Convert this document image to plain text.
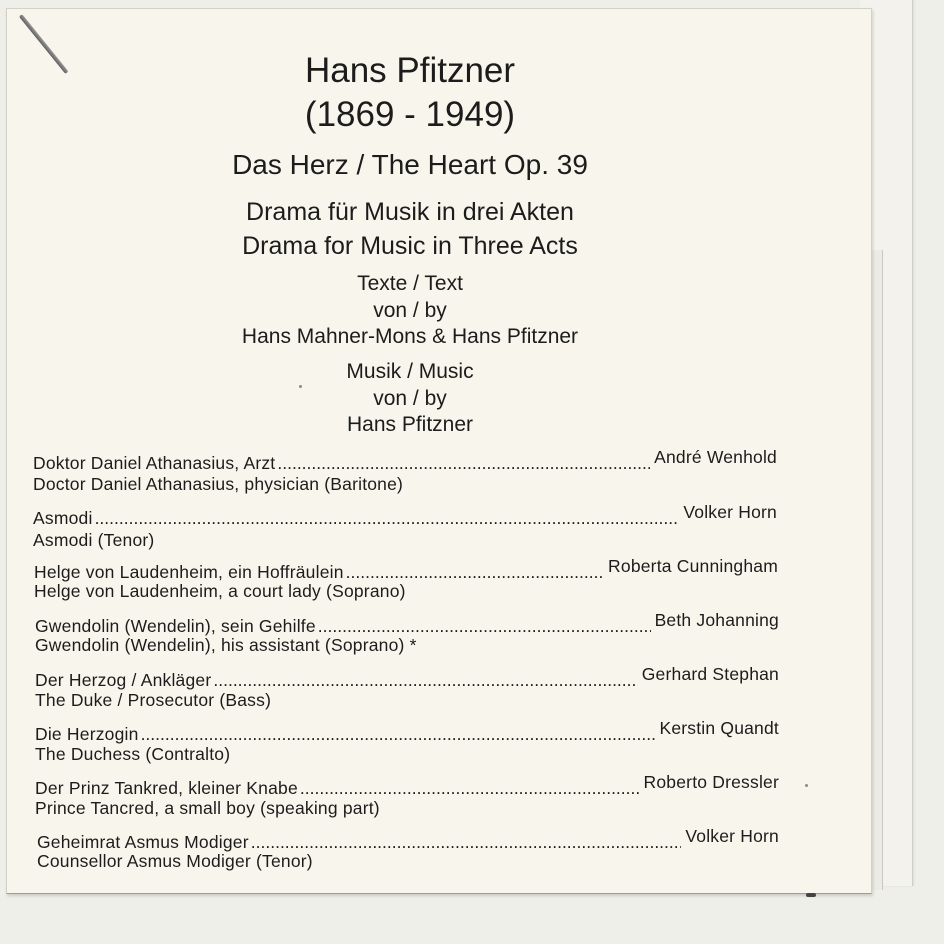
Hans Pfitzner
(1869 - 1949)
Das Herz / The Heart Op. 39
Drama für Musik in drei Akten
Drama for Music in Three Acts
Texte / Text
von / by
Hans Mahner-Mons & Hans Pfitzner
Musik / Music
von / by
Hans Pfitzner
Doktor Daniel Athanasius, Arzt .....	André Wenhold
Doctor Daniel Athanasius, physician (Baritone)
Asmodi .....	Volker Horn
Asmodi (Tenor)
Helge von Laudenheim, ein Hoffräulein .....	Roberta Cunningham
Helge von Laudenheim, a court lady (Soprano)
Gwendolin (Wendelin), sein Gehilfe .....	Beth Johanning
Gwendolin (Wendelin), his assistant (Soprano) *
Der Herzog / Ankläger .....	Gerhard Stephan
The Duke / Prosecutor (Bass)
Die Herzogin .....	Kerstin Quandt
The Duchess (Contralto)
Der Prinz Tankred, kleiner Knabe .....	Roberto Dressler
Prince Tancred, a small boy (speaking part)
Geheimrat Asmus Modiger .....	Volker Horn
Counsellor Asmus Modiger (Tenor)
